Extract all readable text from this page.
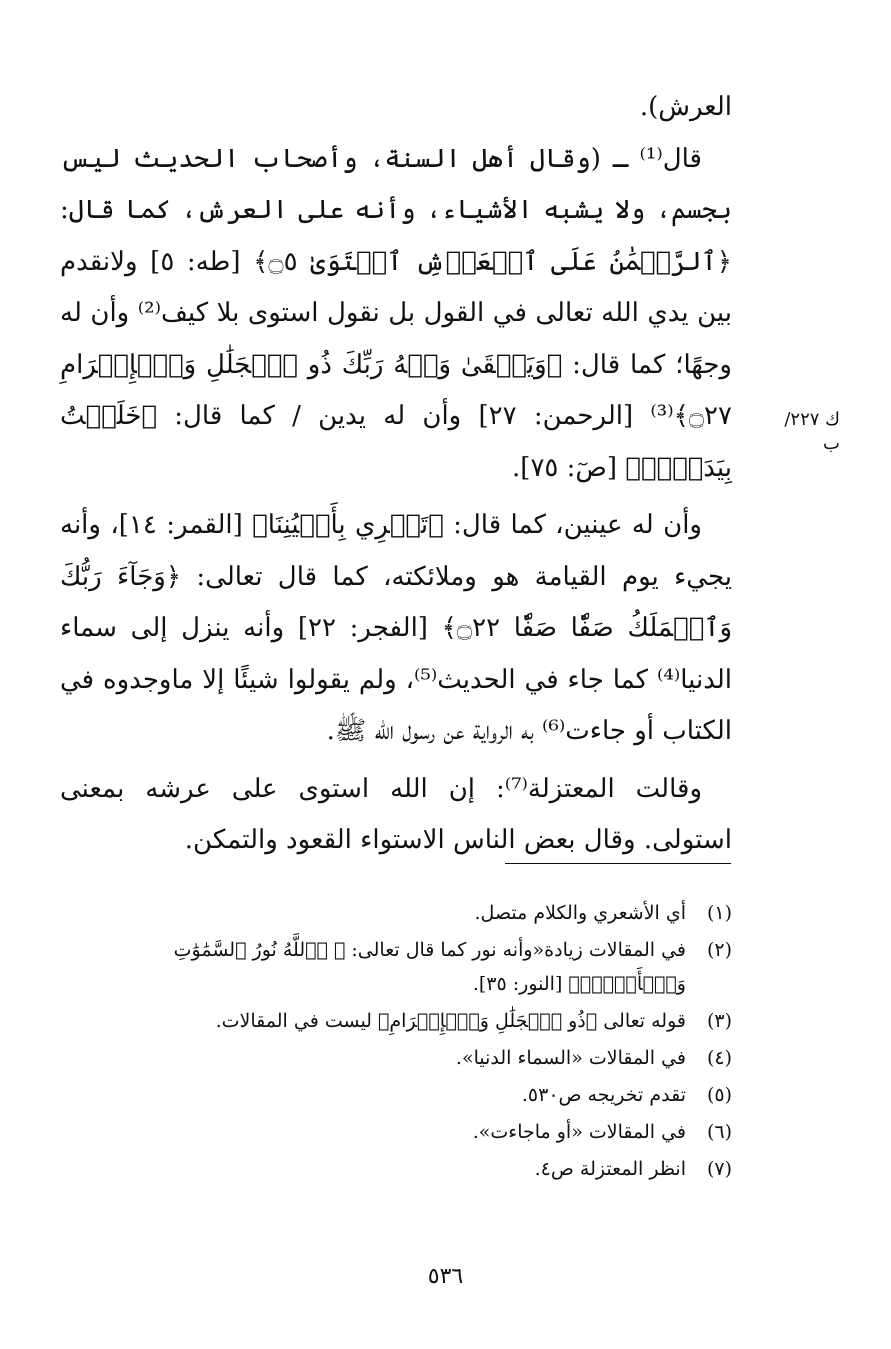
العرش).

قال⁽¹⁾ ـ (وقال أهل السنة، وأصحاب الحديث ليس بجسم، ولا يشبه الأشياء، وأنه على العرش، كما قال: ﴿ٱلرَّحۡمَٰنُ عَلَى ٱلۡعَرۡشِ ٱسۡتَوَىٰ ۝٥﴾ [طه: ٥] ولانقدم بين يدي الله تعالى في القول بل نقول استوى بلا كيف⁽²⁾ وأن له وجهًا؛ كما قال: ﴿وَيَبۡقَىٰ وَجۡهُ رَبِّكَ ذُو ٱلۡجَلَٰلِ وَٱلۡإِكۡرَامِ ۝٢٧﴾⁽³⁾ [الرحمن: ٢٧] وأن له يدين / كما قال: ﴿خَلَقۡتُ بِيَدَيَّۖ﴾ [صٓ: ٧٥].

وأن له عينين، كما قال: ﴿تَجۡرِي بِأَعۡيُنِنَا﴾ [القمر: ١٤]، وأنه يجيء يوم القيامة هو وملائكته، كما قال تعالى: ﴿وَجَآءَ رَبُّكَ وَٱلۡمَلَكُ صَفّٗا صَفّٗا ۝٢٢﴾ [الفجر: ٢٢] وأنه ينزل إلى سماء الدنيا⁽⁴⁾ كما جاء في الحديث⁽⁵⁾، ولم يقولوا شيئًا إلا ماوجدوه في الكتاب أو جاءت⁽⁶⁾ به الرواية عن رسول الله ﷺ.

وقالت المعتزلة⁽⁷⁾: إن الله استوى على عرشه بمعنى استولى. وقال بعض الناس الاستواء القعود والتمكن.

ك ٢٢٧/ب
(١)
أي الأشعري والكلام متصل.
(٢)
في المقالات زيادة«وأنه نور كما قال تعالى: ﴿ ۞ٱللَّهُ نُورُ ٱلسَّمَٰوَٰتِ وَٱلۡأَرۡضِۚ﴾ [النور: ٣٥].
(٣)
قوله تعالى ﴿ذُو ٱلۡجَلَٰلِ وَٱلۡإِكۡرَامِ﴾ ليست في المقالات.
(٤)
في المقالات «السماء الدنيا».
(٥)
تقدم تخريجه ص٥٣٠.
(٦)
في المقالات «أو ماجاءت».
(٧)
انظر المعتزلة ص٤.
٥٣٦
